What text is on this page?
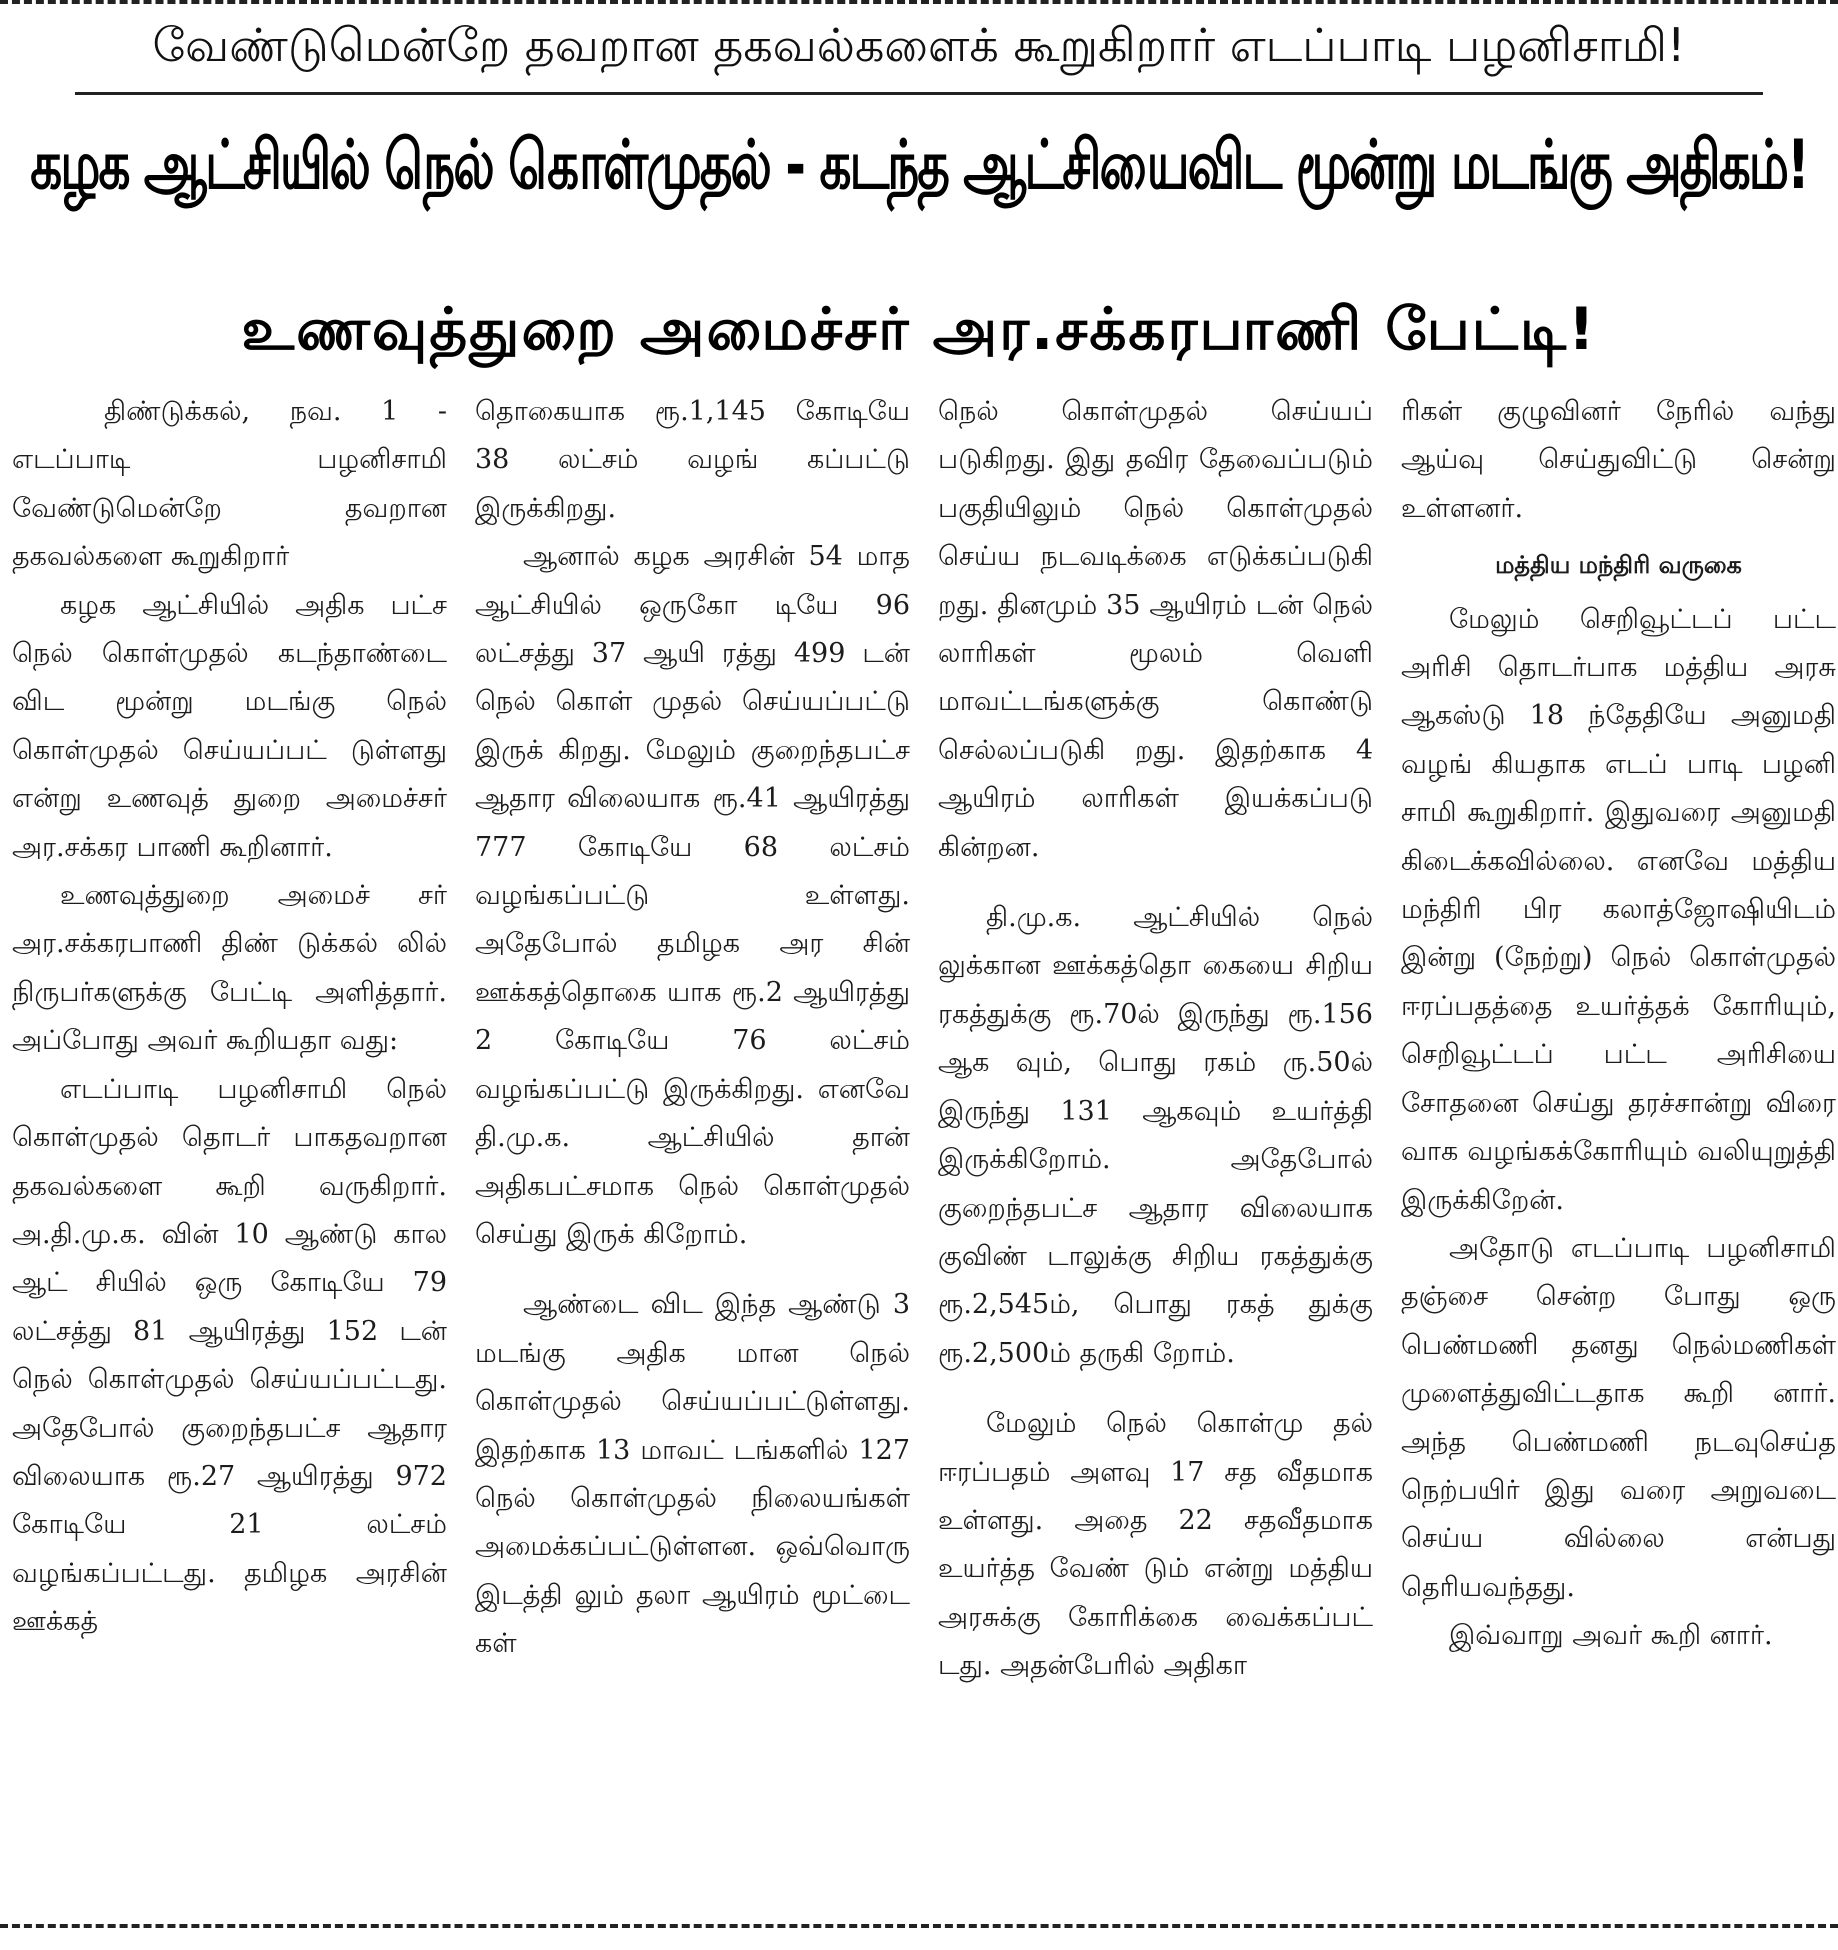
வேண்டுமென்றே தவறான தகவல்களைக் கூறுகிறார் எடப்பாடி பழனிசாமி!
கழக ஆட்சியில் நெல் கொள்முதல் - கடந்த ஆட்சியைவிட மூன்று மடங்கு அதிகம்!
உணவுத்துறை அமைச்சர் அர.சக்கரபாணி பேட்டி!

திண்டுக்கல், நவ. 1 - எடப்பாடி பழனிசாமி வேண்டுமென்றே தவறான தகவல்களை கூறுகிறார்

கழக ஆட்சியில் அதிக பட்ச நெல் கொள்முதல் கடந்தாண்டை விட மூன்று மடங்கு நெல் கொள்முதல் செய்யப்பட் டுள்ளது என்று உணவுத் துறை அமைச்சர் அர.சக்கர பாணி கூறினார்.

உணவுத்துறை அமைச் சர் அர.சக்கரபாணி திண் டுக்கல் லில் நிருபர்களுக்கு பேட்டி அளித்தார். அப்போது அவர் கூறியதா வது:

எடப்பாடி பழனிசாமி நெல் கொள்முதல் தொடர் பாகதவறான தகவல்களை கூறி வருகிறார். அ.தி.மு.க. வின் 10 ஆண்டு கால ஆட் சியில் ஒரு கோடியே 79 லட்சத்து 81 ஆயிரத்து 152 டன் நெல் கொள்முதல் செய்யப்பட்டது. அதேபோல் குறைந்தபட்ச ஆதார விலையாக ரூ.27 ஆயிரத்து 972 கோடியே 21 லட்சம் வழங்கப்பட்டது. தமிழக அரசின் ஊக்கத்

தொகையாக ரூ.1,145 கோடியே 38 லட்சம் வழங் கப்பட்டு இருக்கிறது.

ஆனால் கழக அரசின் 54 மாத ஆட்சியில் ஒருகோ டியே 96 லட்சத்து 37 ஆயி ரத்து 499 டன் நெல் கொள் முதல் செய்யப்பட்டு இருக் கிறது. மேலும் குறைந்தபட்ச ஆதார விலையாக ரூ.41 ஆயிரத்து 777 கோடியே 68 லட்சம் வழங்கப்பட்டு உள்ளது. அதேபோல் தமிழக அர சின் ஊக்கத்தொகை யாக ரூ.2 ஆயிரத்து 2 கோடியே 76 லட்சம் வழங்கப்பட்டு இருக்கிறது. எனவே தி.மு.க. ஆட்சியில் தான் அதிகபட்சமாக நெல் கொள்முதல் செய்து இருக் கிறோம்.

ஆண்டை விட இந்த ஆண்டு 3 மடங்கு அதிக மான நெல் கொள்முதல் செய்யப்பட்டுள்ளது. இதற்காக 13 மாவட் டங்களில் 127 நெல் கொள்முதல் நிலையங்கள் அமைக்கப்பட்டுள்ளன. ஒவ்வொரு இடத்தி லும் தலா ஆயிரம் மூட்டை கள்

நெல் கொள்முதல் செய்யப் படுகிறது. இது தவிர தேவைப்படும் பகுதியிலும் நெல் கொள்முதல் செய்ய நடவடிக்கை எடுக்கப்படுகி றது. தினமும் 35 ஆயிரம் டன் நெல் லாரிகள் மூலம் வெளி மாவட்டங்களுக்கு கொண்டு செல்லப்படுகி றது. இதற்காக 4 ஆயிரம் லாரிகள் இயக்கப்படு கின்றன.

தி.மு.க. ஆட்சியில் நெல் லுக்கான ஊக்கத்தொ கையை சிறிய ரகத்துக்கு ரூ.70ல் இருந்து ரூ.156 ஆக வும், பொது ரகம் ரு.50ல் இருந்து 131 ஆகவும் உயர்த்தி இருக்கிறோம். அதேபோல் குறைந்தபட்ச ஆதார விலையாக குவிண் டாலுக்கு சிறிய ரகத்துக்கு ரூ.2,545ம், பொது ரகத் துக்கு ரூ.2,500ம் தருகி றோம்.

மேலும் நெல் கொள்மு தல் ஈரப்பதம் அளவு 17 சத வீதமாக உள்ளது. அதை 22 சதவீதமாக உயர்த்த வேண் டும் என்று மத்திய அரசுக்கு கோரிக்கை வைக்கப்பட் டது. அதன்பேரில் அதிகா

ரிகள் குழுவினர் நேரில் வந்து ஆய்வு செய்துவிட்டு சென்று உள்ளனர்.

மத்திய மந்திரி வருகை

மேலும் செறிவூட்டப் பட்ட அரிசி தொடர்பாக மத்திய அரசு ஆகஸ்டு 18 ந்தேதியே அனுமதி வழங் கியதாக எடப் பாடி பழனி சாமி கூறுகிறார். இதுவரை அனுமதி கிடைக்கவில்லை. எனவே மத்திய மந்திரி பிர கலாத்ஜோஷியிடம் இன்று (நேற்று) நெல் கொள்முதல் ஈரப்பதத்தை உயர்த்தக் கோரியும், செறிவூட்டப் பட்ட அரிசியை சோதனை செய்து தரச்சான்று விரை வாக வழங்கக்கோரியும் வலியுறுத்தி இருக்கிறேன்.

அதோடு எடப்பாடி பழனிசாமி தஞ்சை சென்ற போது ஒரு பெண்மணி தனது நெல்மணிகள் முளைத்துவிட்டதாக கூறி னார். அந்த பெண்மணி நடவுசெய்த நெற்பயிர் இது வரை அறுவடை செய்ய வில்லை என்பது தெரியவந்தது.

இவ்வாறு அவர் கூறி னார்.
